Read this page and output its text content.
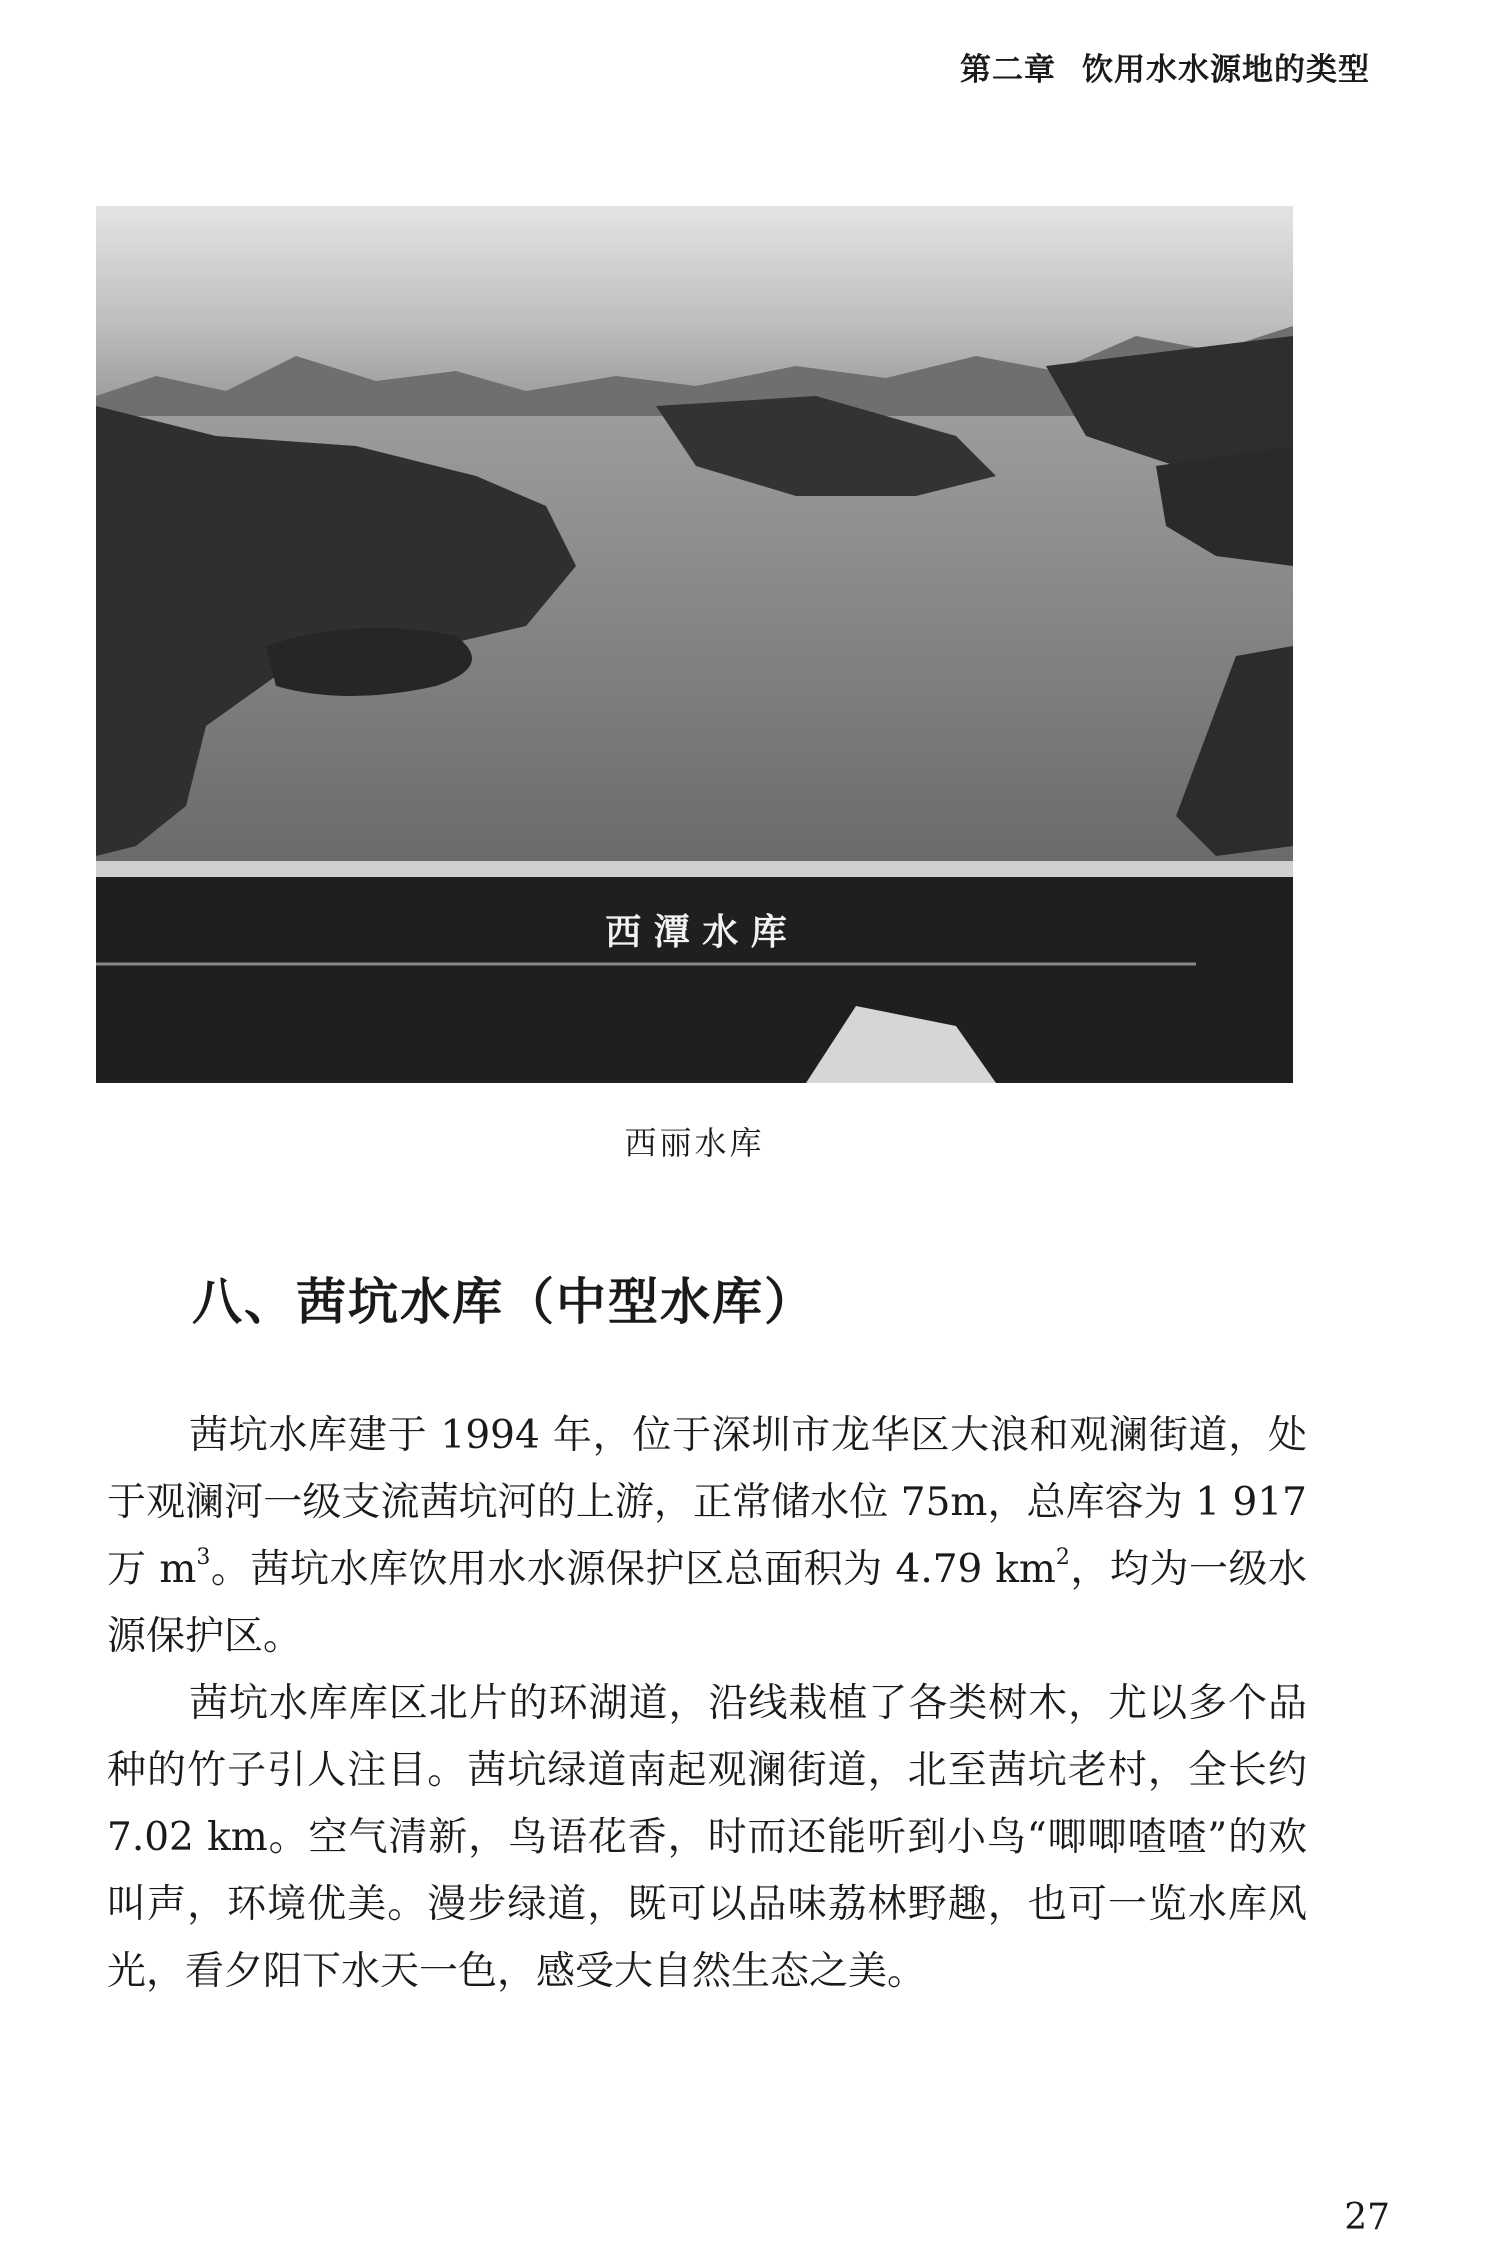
第二章 饮用水水源地的类型
西 潭 水 库
西丽水库
八、茜坑水库（中型水库）

茜坑水库建于 1994 年，位于深圳市龙华区大浪和观澜街道，处于观澜河一级支流茜坑河的上游，正常储水位 75m，总库容为 1 917 万 $m^3$。茜坑水库饮用水水源保护区总面积为 4.79 $km^2$，均为一级水源保护区。

茜坑水库库区北片的环湖道，沿线栽植了各类树木，尤以多个品种的竹子引人注目。茜坑绿道南起观澜街道，北至茜坑老村，全长约 7.02 km。空气清新，鸟语花香，时而还能听到小鸟“唧唧喳喳”的欢叫声，环境优美。漫步绿道，既可以品味荔林野趣，也可一览水库风光，看夕阳下水天一色，感受大自然生态之美。

27
